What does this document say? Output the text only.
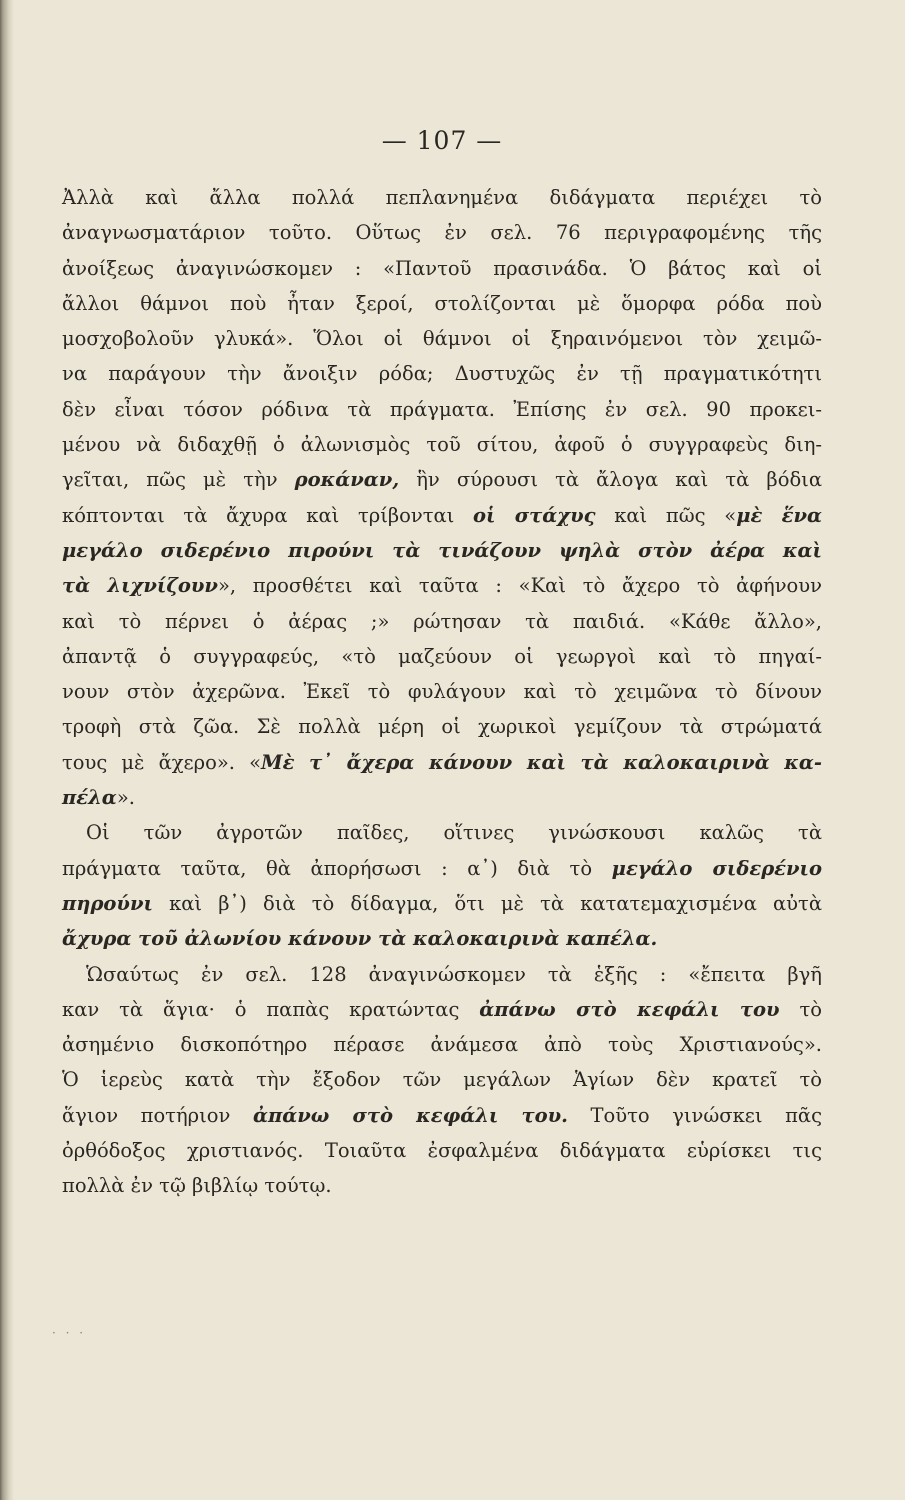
— 107 —

Ἀλλὰ καὶ ἄλλα πολλά πεπλανημένα διδάγματα περιέχει τὸ

ἀναγνωσματάριον τοῦτο. Οὕτως ἐν σελ. 76 περιγραφομένης τῆς

ἀνοίξεως ἀναγινώσκομεν : «Παντοῦ πρασινάδα. Ὁ βάτος καὶ οἱ

ἄλλοι θάμνοι ποὺ ἦταν ξεροί, στολίζονται μὲ ὅμορφα ρόδα ποὺ

μοσχοβολοῦν γλυκά». Ὅλοι οἱ θάμνοι οἱ ξηραινόμενοι τὸν χειμῶ-

να παράγουν τὴν ἄνοιξιν ρόδα; Δυστυχῶς ἐν τῇ πραγματικότητι

δὲν εἶναι τόσον ρόδινα τὰ πράγματα. Ἐπίσης ἐν σελ. 90 προκει-

μένου νὰ διδαχθῇ ὁ ἀλωνισμὸς τοῦ σίτου, ἀφοῦ ὁ συγγραφεὺς διη-

γεῖται, πῶς μὲ τὴν ροκάναν, ἣν σύρουσι τὰ ἄλογα καὶ τὰ βόδια

κόπτονται τὰ ἄχυρα καὶ τρίβονται οἱ στάχυς καὶ πῶς «μὲ ἕνα

μεγάλο σιδερένιο πιρούνι τὰ τινάζουν ψηλὰ στὸν ἀέρα καὶ

τὰ λιχνίζουν», προσθέτει καὶ ταῦτα : «Καὶ τὸ ἄχερο τὸ ἀφήνουν

καὶ τὸ πέρνει ὁ ἀέρας ;» ρώτησαν τὰ παιδιά. «Κάθε ἄλλο»,

ἀπαντᾷ ὁ συγγραφεύς, «τὸ μαζεύουν οἱ γεωργοὶ καὶ τὸ πηγαί-

νουν στὸν ἀχερῶνα. Ἐκεῖ τὸ φυλάγουν καὶ τὸ χειμῶνα τὸ δίνουν

τροφὴ στὰ ζῶα. Σὲ πολλὰ μέρη οἱ χωρικοὶ γεμίζουν τὰ στρώματά

τους μὲ ἄχερο». «Μὲ τ᾽ ἄχερα κάνουν καὶ τὰ καλοκαιρινὰ κα-

πέλα».

Οἱ τῶν ἀγροτῶν παῖδες, οἵτινες γινώσκουσι καλῶς τὰ

πράγματα ταῦτα, θὰ ἀπορήσωσι : α᾽) διὰ τὸ μεγάλο σιδερένιο

πηρούνι καὶ β᾽) διὰ τὸ δίδαγμα, ὅτι μὲ τὰ κατατεμαχισμένα αὐτὰ

ἄχυρα τοῦ ἀλωνίου κάνουν τὰ καλοκαιρινὰ καπέλα.

Ὡσαύτως ἐν σελ. 128 ἀναγινώσκομεν τὰ ἑξῆς : «ἔπειτα βγῆ

καν τὰ ἅγια· ὁ παπὰς κρατώντας ἀπάνω στὸ κεφάλι του τὸ

ἀσημένιο δισκοπότηρο πέρασε ἀνάμεσα ἀπὸ τοὺς Χριστιανούς».

Ὁ ἱερεὺς κατὰ τὴν ἔξοδον τῶν μεγάλων Ἁγίων δὲν κρατεῖ τὸ

ἅγιον ποτήριον ἀπάνω στὸ κεφάλι του. Τοῦτο γινώσκει πᾶς

ὀρθόδοξος χριστιανός. Τοιαῦτα ἐσφαλμένα διδάγματα εὑρίσκει τις

πολλὰ ἐν τῷ βιβλίῳ τούτῳ.

· · ·
